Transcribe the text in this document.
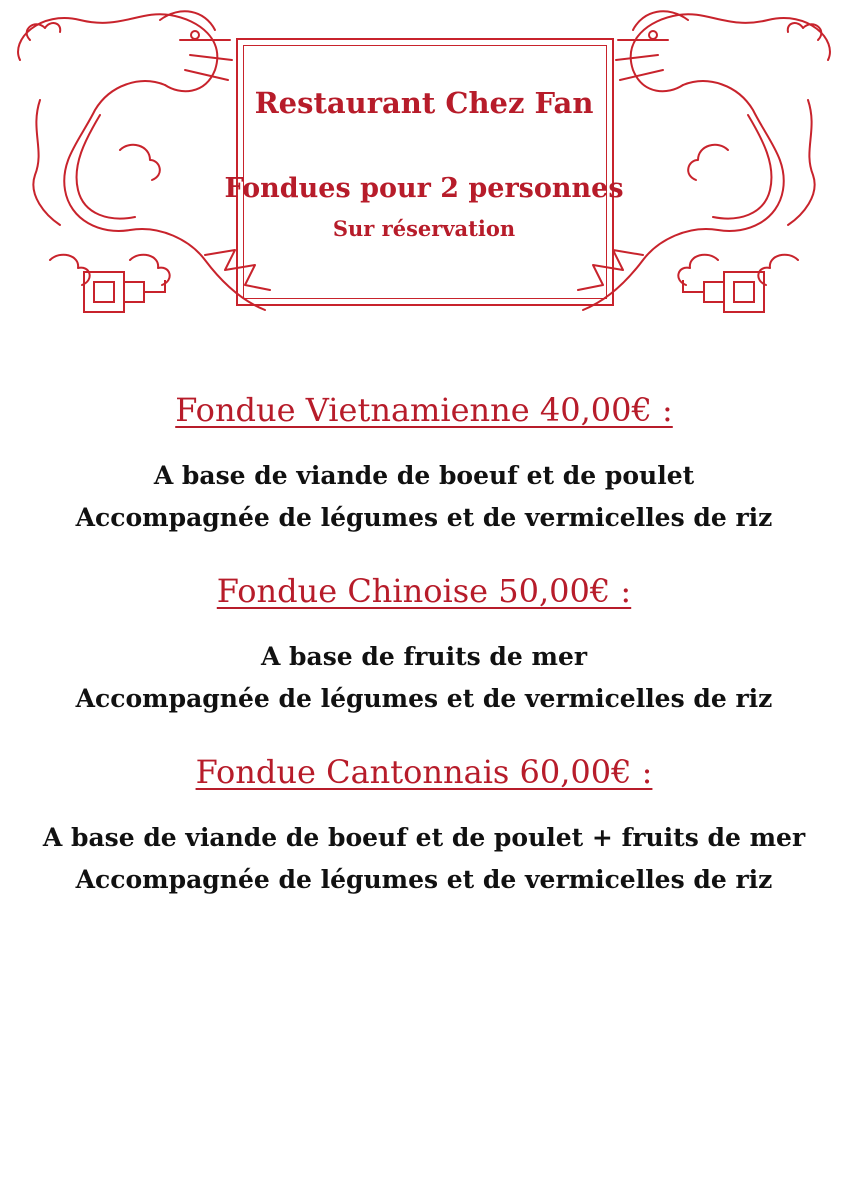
Restaurant Chez Fan
Fondues pour 2 personnes
Sur réservation
Fondue Vietnamienne 40,00€ :

A base de viande de boeuf et de poulet

Accompagnée de légumes et de vermicelles de riz

Fondue Chinoise 50,00€ :

A base de fruits de mer

Accompagnée de légumes et de vermicelles de riz

Fondue Cantonnais 60,00€ :

A base de viande de boeuf et de poulet + fruits de mer

Accompagnée de légumes et de vermicelles de riz
